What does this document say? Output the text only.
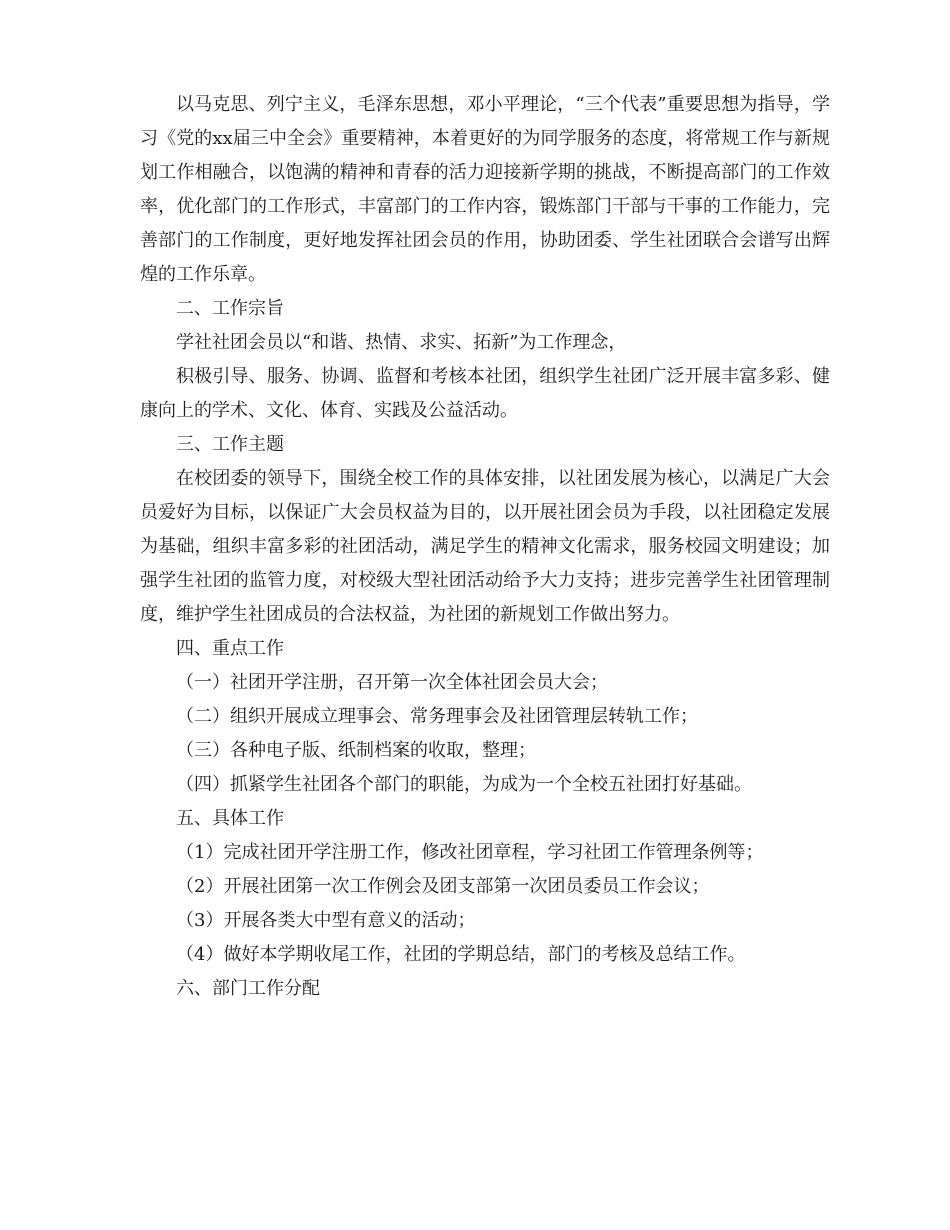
以马克思、列宁主义，毛泽东思想，邓小平理论，“三个代表”重要思想为指导，学习《党的xx届三中全会》重要精神，本着更好的为同学服务的态度，将常规工作与新规划工作相融合，以饱满的精神和青春的活力迎接新学期的挑战，不断提高部门的工作效率，优化部门的工作形式，丰富部门的工作内容，锻炼部门干部与干事的工作能力，完善部门的工作制度，更好地发挥社团会员的作用，协助团委、学生社团联合会谱写出辉煌的工作乐章。

二、工作宗旨

学社社团会员以“和谐、热情、求实、拓新”为工作理念，

积极引导、服务、协调、监督和考核本社团，组织学生社团广泛开展丰富多彩、健康向上的学术、文化、体育、实践及公益活动。

三、工作主题

在校团委的领导下，围绕全校工作的具体安排，以社团发展为核心，以满足广大会员爱好为目标，以保证广大会员权益为目的，以开展社团会员为手段，以社团稳定发展为基础，组织丰富多彩的社团活动，满足学生的精神文化需求，服务校园文明建设；加强学生社团的监管力度，对校级大型社团活动给予大力支持；进步完善学生社团管理制度，维护学生社团成员的合法权益，为社团的新规划工作做出努力。

四、重点工作

（一）社团开学注册，召开第一次全体社团会员大会；

（二）组织开展成立理事会、常务理事会及社团管理层转轨工作；

（三）各种电子版、纸制档案的收取，整理；

（四）抓紧学生社团各个部门的职能，为成为一个全校五社团打好基础。

五、具体工作

（1）完成社团开学注册工作，修改社团章程，学习社团工作管理条例等；

（2）开展社团第一次工作例会及团支部第一次团员委员工作会议；

（3）开展各类大中型有意义的活动；

（4）做好本学期收尾工作，社团的学期总结，部门的考核及总结工作。

六、部门工作分配
